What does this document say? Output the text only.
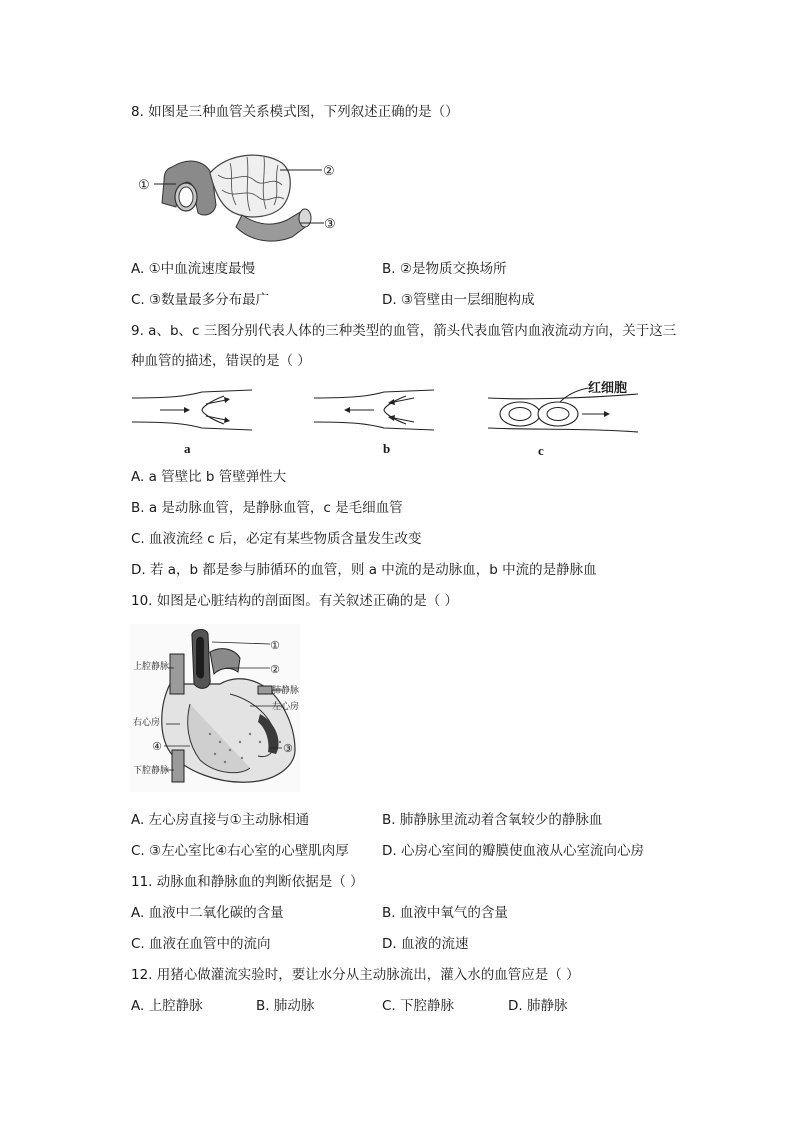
8. 如图是三种血管关系模式图，下列叙述正确的是（）
①
②
③
A. ①中血流速度最慢	B. ②是物质交换场所
C. ③数量最多分布最广	D. ③管壁由一层细胞构成
9. a、b、c 三图分别代表人体的三种类型的血管，箭头代表血管内血液流动方向，关于这三
种血管的描述，错误的是（ ）
a	b
红细胞
c
A. a 管壁比 b 管壁弹性大
B. a 是动脉血管，是静脉血管，c 是毛细血管
C. 血液流经 c 后，必定有某些物质含量发生改变
D. 若 a，b 都是参与肺循环的血管，则 a 中流的是动脉血，b 中流的是静脉血
10. 如图是心脏结构的剖面图。有关叙述正确的是（ ）
①
②
上腔静脉
肺静脉
左心房
右心房
④	③
下腔静脉
A. 左心房直接与①主动脉相通	B. 肺静脉里流动着含氧较少的静脉血
C. ③左心室比④右心室的心壁肌肉厚 D. 心房心室间的瓣膜使血液从心室流向心房
11. 动脉血和静脉血的判断依据是（ ）
A. 血液中二氧化碳的含量	B. 血液中氧气的含量
C. 血液在血管中的流向	D. 血液的流速
12. 用猪心做灌流实验时，要让水分从主动脉流出，灌入水的血管应是（ ）
A. 上腔静脉	B. 肺动脉	C. 下腔静脉	D. 肺静脉
